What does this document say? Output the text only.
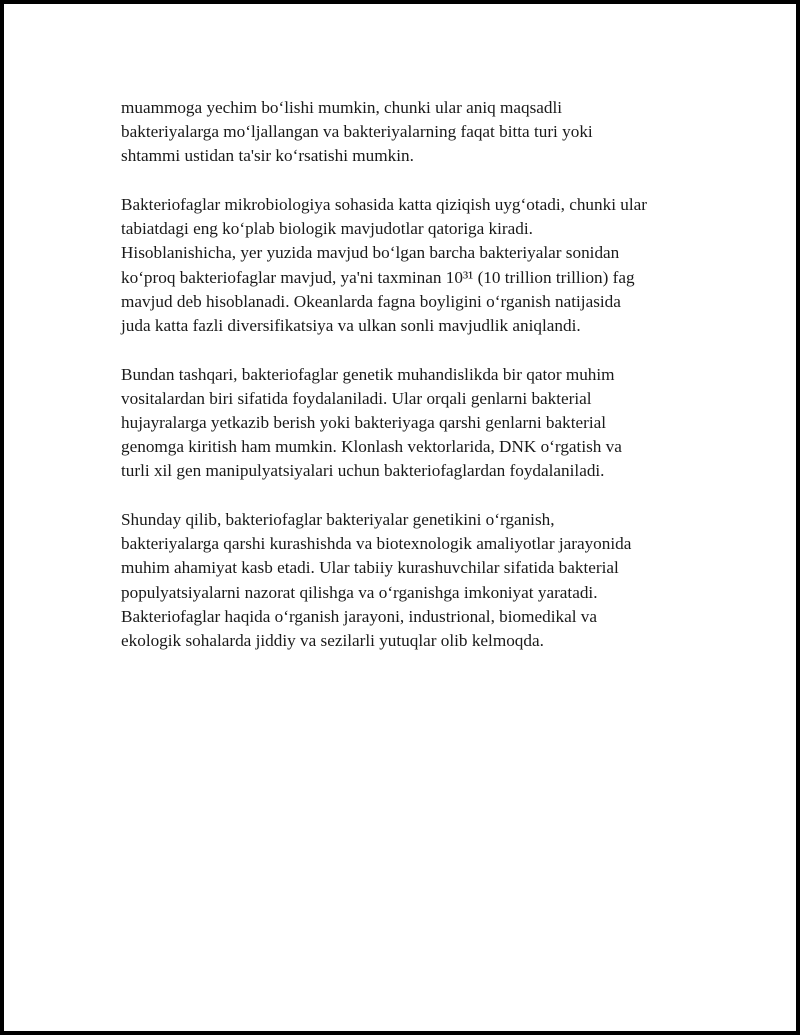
muammoga yechim boʻlishi mumkin, chunki ular aniq maqsadli
bakteriyalarga moʻljallangan va bakteriyalarning faqat bitta turi yoki
shtammi ustidan ta'sir koʻrsatishi mumkin.

Bakteriofaglar mikrobiologiya sohasida katta qiziqish uygʻotadi, chunki ular
tabiatdagi eng koʻplab biologik mavjudotlar qatoriga kiradi.
Hisoblanishicha, yer yuzida mavjud boʻlgan barcha bakteriyalar sonidan
koʻproq bakteriofaglar mavjud, ya'ni taxminan 10³¹ (10 trillion trillion) fag
mavjud deb hisoblanadi. Okeanlarda fagna boyligini oʻrganish natijasida
juda katta fazli diversifikatsiya va ulkan sonli mavjudlik aniqlandi.

Bundan tashqari, bakteriofaglar genetik muhandislikda bir qator muhim
vositalardan biri sifatida foydalaniladi. Ular orqali genlarni bakterial
hujayralarga yetkazib berish yoki bakteriyaga qarshi genlarni bakterial
genomga kiritish ham mumkin. Klonlash vektorlarida, DNK oʻrgatish va
turli xil gen manipulyatsiyalari uchun bakteriofaglardan foydalaniladi.

Shunday qilib, bakteriofaglar bakteriyalar genetikini oʻrganish,
bakteriyalarga qarshi kurashishda va biotexnologik amaliyotlar jarayonida
muhim ahamiyat kasb etadi. Ular tabiiy kurashuvchilar sifatida bakterial
populyatsiyalarni nazorat qilishga va oʻrganishga imkoniyat yaratadi.
Bakteriofaglar haqida oʻrganish jarayoni, industrional, biomedikal va
ekologik sohalarda jiddiy va sezilarli yutuqlar olib kelmoqda.
